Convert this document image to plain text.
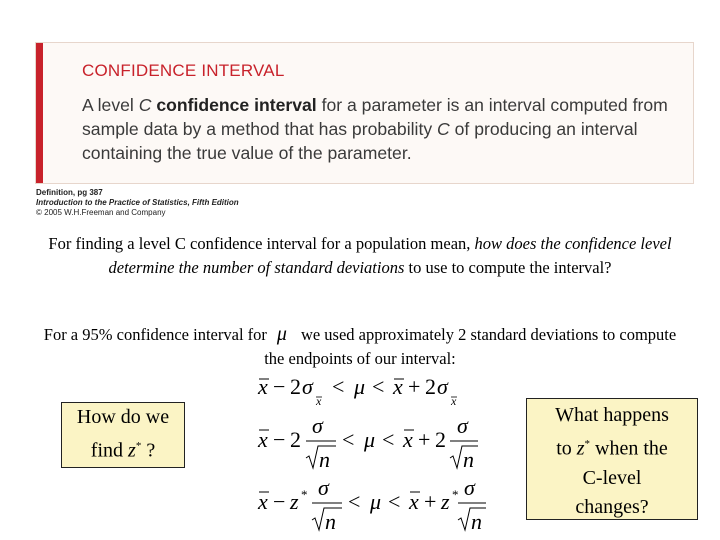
CONFIDENCE INTERVAL
A level C confidence interval for a parameter is an interval computed from sample data by a method that has probability C of producing an interval containing the true value of the parameter.
Definition, pg 387
Introduction to the Practice of Statistics, Fifth Edition
© 2005 W.H.Freeman and Company
For finding a level C confidence interval for a population mean, how does the confidence level determine the number of standard deviations to use to compute the interval?
For a 95% confidence interval for μ we used approximately 2 standard deviations to compute the endpoints of our interval:
How do we
find z* ?
What happens
to z* when the
C-level
changes?
x − 2 σ
x
< μ < x + 2 σ
x
x − 2
σ
n
< μ < x + 2
σ
n
x − z * σ
n
< μ < x + z * σ
n
